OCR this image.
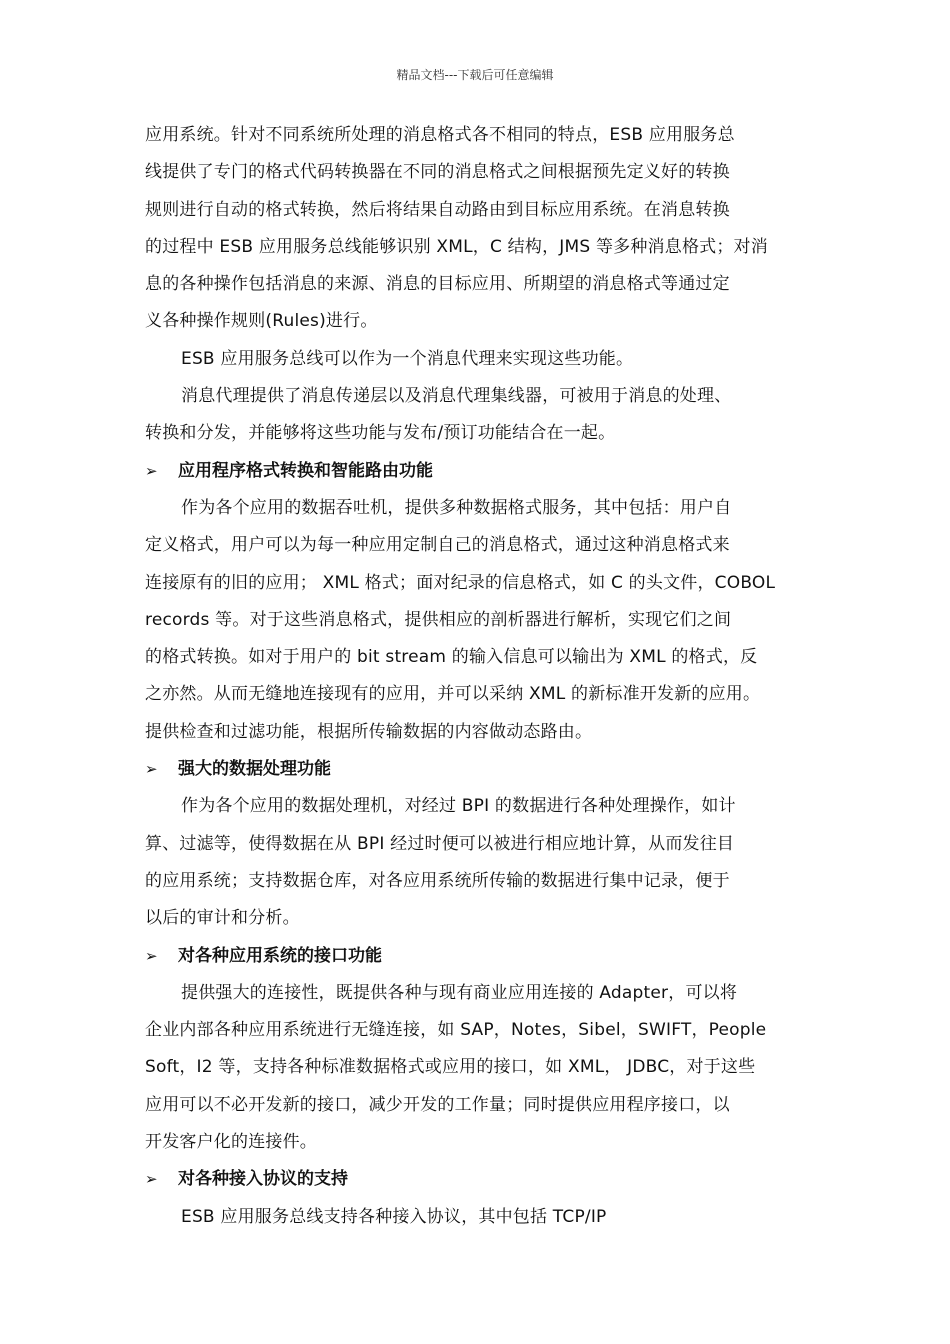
精品文档---下载后可任意编辑
应用系统。针对不同系统所处理的消息格式各不相同的特点，ESB 应用服务总
线提供了专门的格式代码转换器在不同的消息格式之间根据预先定义好的转换
规则进行自动的格式转换，然后将结果自动路由到目标应用系统。在消息转换
的过程中 ESB 应用服务总线能够识别 XML，C 结构，JMS 等多种消息格式；对消
息的各种操作包括消息的来源、消息的目标应用、所期望的消息格式等通过定
义各种操作规则(Rules)进行。
ESB 应用服务总线可以作为一个消息代理来实现这些功能。
消息代理提供了消息传递层以及消息代理集线器，可被用于消息的处理、
转换和分发，并能够将这些功能与发布/预订功能结合在一起。
➢ 应用程序格式转换和智能路由功能
作为各个应用的数据吞吐机，提供多种数据格式服务，其中包括：用户自
定义格式，用户可以为每一种应用定制自己的消息格式，通过这种消息格式来
连接原有的旧的应用； XML 格式；面对纪录的信息格式，如 C 的头文件，COBOL
records 等。对于这些消息格式，提供相应的剖析器进行解析，实现它们之间
的格式转换。如对于用户的 bit stream 的输入信息可以输出为 XML 的格式，反
之亦然。从而无缝地连接现有的应用，并可以采纳 XML 的新标准开发新的应用。
提供检查和过滤功能，根据所传输数据的内容做动态路由。
➢ 强大的数据处理功能
作为各个应用的数据处理机，对经过 BPI 的数据进行各种处理操作，如计
算、过滤等，使得数据在从 BPI 经过时便可以被进行相应地计算，从而发往目
的应用系统；支持数据仓库，对各应用系统所传输的数据进行集中记录，便于
以后的审计和分析。
➢ 对各种应用系统的接口功能
提供强大的连接性，既提供各种与现有商业应用连接的 Adapter，可以将
企业内部各种应用系统进行无缝连接，如 SAP，Notes，Sibel，SWIFT，People
Soft，I2 等，支持各种标准数据格式或应用的接口，如 XML， JDBC，对于这些
应用可以不必开发新的接口，减少开发的工作量；同时提供应用程序接口，以
开发客户化的连接件。
➢ 对各种接入协议的支持
ESB 应用服务总线支持各种接入协议，其中包括 TCP/IP
